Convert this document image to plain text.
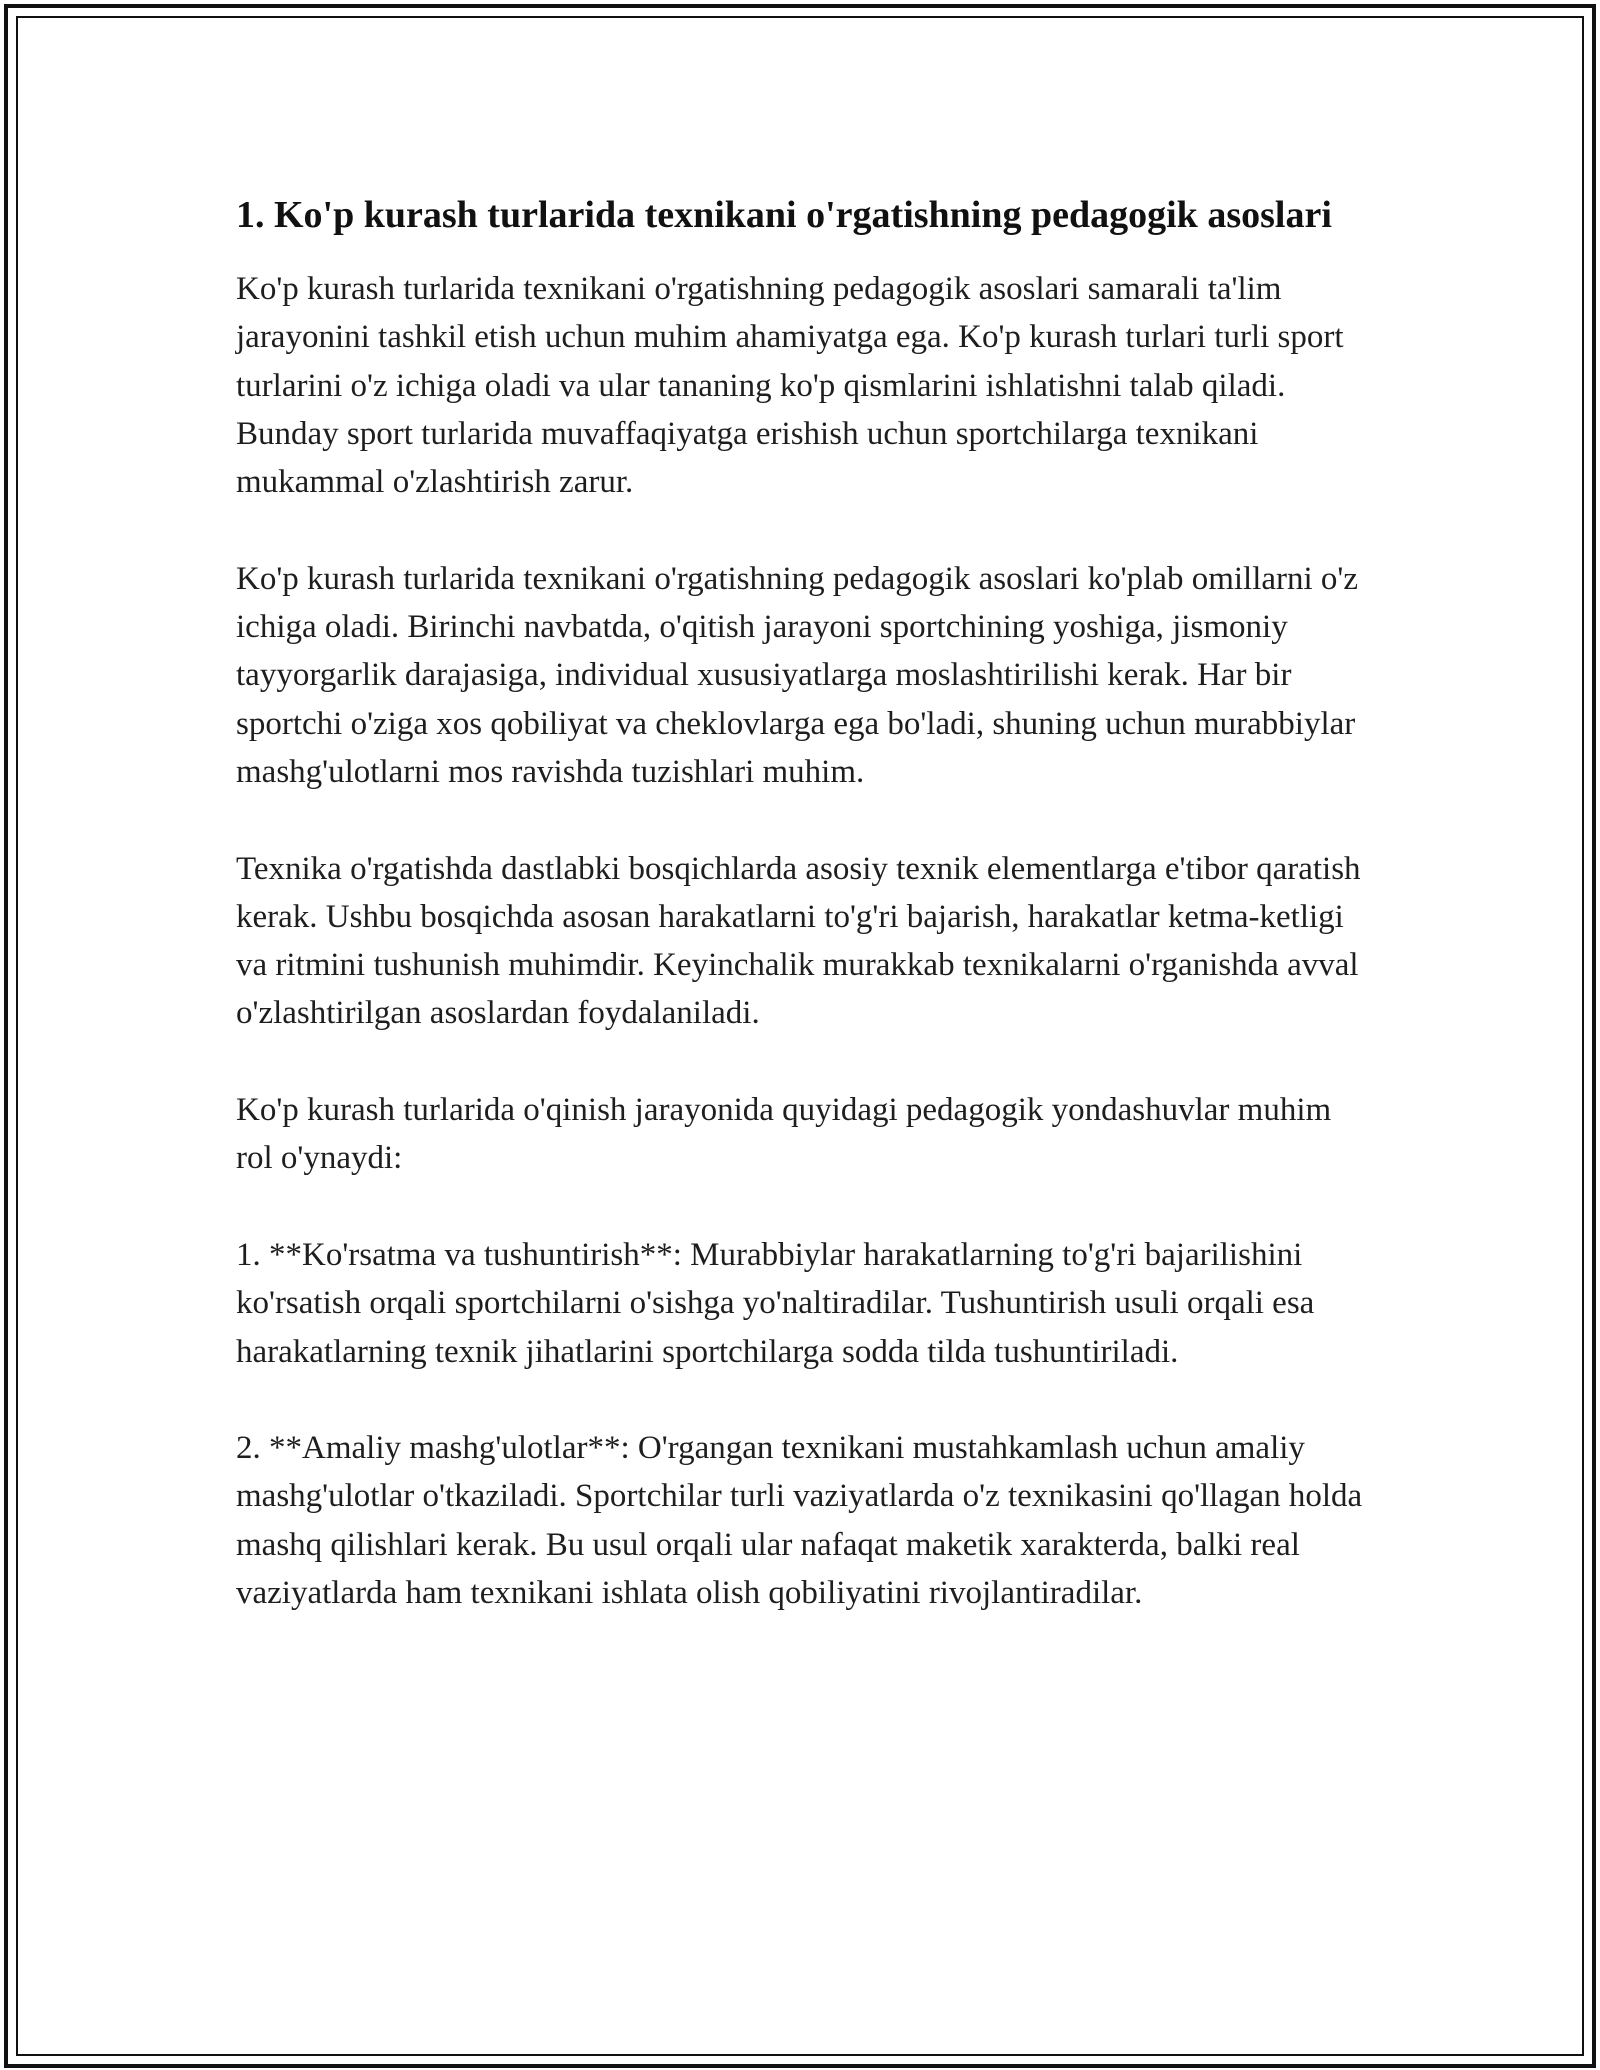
1. Ko'p kurash turlarida texnikani o'rgatishning pedagogik asoslari

Ko'p kurash turlarida texnikani o'rgatishning pedagogik asoslari samarali ta'lim jarayonini tashkil etish uchun muhim ahamiyatga ega. Ko'p kurash turlari turli sport turlarini o'z ichiga oladi va ular tananing ko'p qismlarini ishlatishni talab qiladi. Bunday sport turlarida muvaffaqiyatga erishish uchun sportchilarga texnikani mukammal o'zlashtirish zarur.

Ko'p kurash turlarida texnikani o'rgatishning pedagogik asoslari ko'plab omillarni o'z ichiga oladi. Birinchi navbatda, o'qitish jarayoni sportchining yoshiga, jismoniy tayyorgarlik darajasiga, individual xususiyatlarga moslashtirilishi kerak. Har bir sportchi o'ziga xos qobiliyat va cheklovlarga ega bo'ladi, shuning uchun murabbiylar mashg'ulotlarni mos ravishda tuzishlari muhim.

Texnika o'rgatishda dastlabki bosqichlarda asosiy texnik elementlarga e'tibor qaratish kerak. Ushbu bosqichda asosan harakatlarni to'g'ri bajarish, harakatlar ketma-ketligi va ritmini tushunish muhimdir. Keyinchalik murakkab texnikalarni o'rganishda avval o'zlashtirilgan asoslardan foydalaniladi.

Ko'p kurash turlarida o'qinish jarayonida quyidagi pedagogik yondashuvlar muhim rol o'ynaydi:

1. **Ko'rsatma va tushuntirish**: Murabbiylar harakatlarning to'g'ri bajarilishini ko'rsatish orqali sportchilarni o'sishga yo'naltiradilar. Tushuntirish usuli orqali esa harakatlarning texnik jihatlarini sportchilarga sodda tilda tushuntiriladi.

2. **Amaliy mashg'ulotlar**: O'rgangan texnikani mustahkamlash uchun amaliy mashg'ulotlar o'tkaziladi. Sportchilar turli vaziyatlarda o'z texnikasini qo'llagan holda mashq qilishlari kerak. Bu usul orqali ular nafaqat maketik xarakterda, balki real vaziyatlarda ham texnikani ishlata olish qobiliyatini rivojlantiradilar.
